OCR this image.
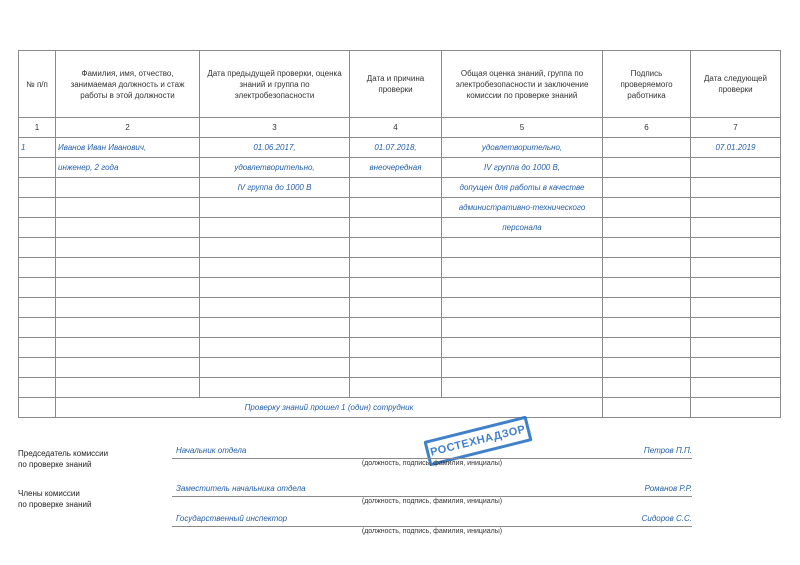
№ п/п	Фамилия, имя, отчество, занимаемая должность и стаж работы в этой должности	Дата предыдущей проверки, оценка знаний и группа по электробезопасности	Дата и причина проверки	Общая оценка знаний, группа по электробезопасности и заключение комиссии по проверке знаний	Подпись проверяемого работника	Дата следующей проверки
1	2	3	4	5	6	7
1	Иванов Иван Иванович,	01.06.2017,	01.07.2018,	удовлетворительно,		07.01.2019
	инженер, 2 года	удовлетворительно,	внеочередная	IV группа до 1000 В,		
		IV группа до 1000 В		допущен для работы в качестве		
				административно-технического		
				персонала		

	Проверку знаний прошел 1 (один) сотрудник					
РОСТЕХНАДЗОР
Председатель комиссии
по проверке знаний
Начальник отдела	Петров П.П.
(должность, подпись, фамилия, инициалы)
Члены комиссии
по проверке знаний
Заместитель начальника отдела	Романов Р.Р.
(должность, подпись, фамилия, инициалы)
Государственный инспектор	Сидоров С.С.
(должность, подпись, фамилия, инициалы)
